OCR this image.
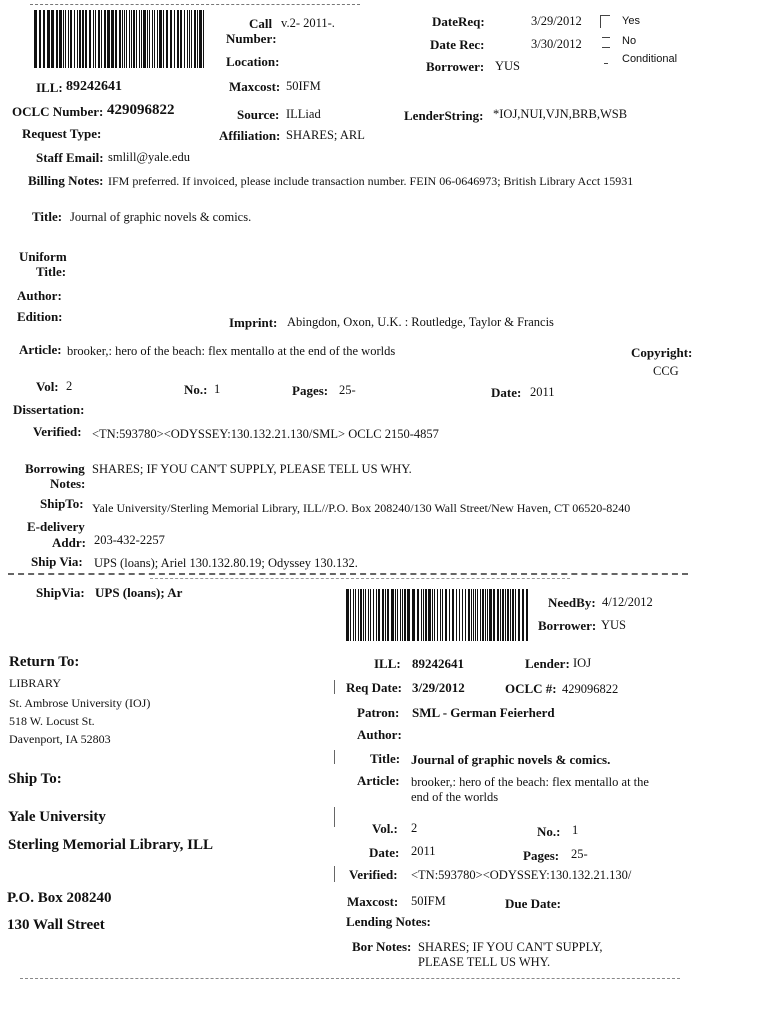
Call
Number:
v.2- 2011-.
Location:
DateReq:	3/29/2012
Date Rec:	3/30/2012
Borrower: YUS
Yes
No
Conditional
ILL: 89242641	Maxcost: 50IFM
OCLC Number: 429096822	Source: ILLiad	LenderString: *IOJ,NUI,VJN,BRB,WSB
Request Type:	Affiliation: SHARES; ARL
Staff Email: smlill@yale.edu
Billing Notes: IFM preferred. If invoiced, please include transaction number. FEIN 06-0646973; British Library Acct 15931
Title: Journal of graphic novels & comics.
Uniform
Title:
Author:
Edition:	Imprint: Abingdon, Oxon, U.K. : Routledge, Taylor & Francis
Article: brooker,: hero of the beach: flex mentallo at the end of the worlds	Copyright:
CCG
Vol: 2	No.: 1	Pages: 25-	Date: 2011
Dissertation:
Verified: <TN:593780><ODYSSEY:130.132.21.130/SML> OCLC 2150-4857
Borrowing
Notes:
SHARES; IF YOU CAN'T SUPPLY, PLEASE TELL US WHY.
ShipTo: Yale University/Sterling Memorial Library, ILL//P.O. Box 208240/130 Wall Street/New Haven, CT 06520-8240
E-delivery
Addr: 203-432-2257
Ship Via: UPS (loans); Ariel 130.132.80.19; Odyssey 130.132.
ShipVia: UPS (loans); Ar
NeedBy: 4/12/2012
Borrower: YUS
Return To:
LIBRARY
St. Ambrose University (IOJ)
518 W. Locust St.
Davenport, IA 52803
Ship To:
Yale University
Sterling Memorial Library, ILL
P.O. Box 208240
130 Wall Street
ILL: 89242641	Lender: IOJ
Req Date: 3/29/2012	OCLC #: 429096822
Patron: SML - German Feierherd
Author:
Title: Journal of graphic novels & comics.
Article: brooker,: hero of the beach: flex mentallo at the
end of the worlds
Vol.: 2	No.: 1
Date: 2011	Pages: 25-
Verified: <TN:593780><ODYSSEY:130.132.21.130/
Maxcost: 50IFM	Due Date:
Lending Notes:
Bor Notes: SHARES; IF YOU CAN'T SUPPLY,
PLEASE TELL US WHY.
